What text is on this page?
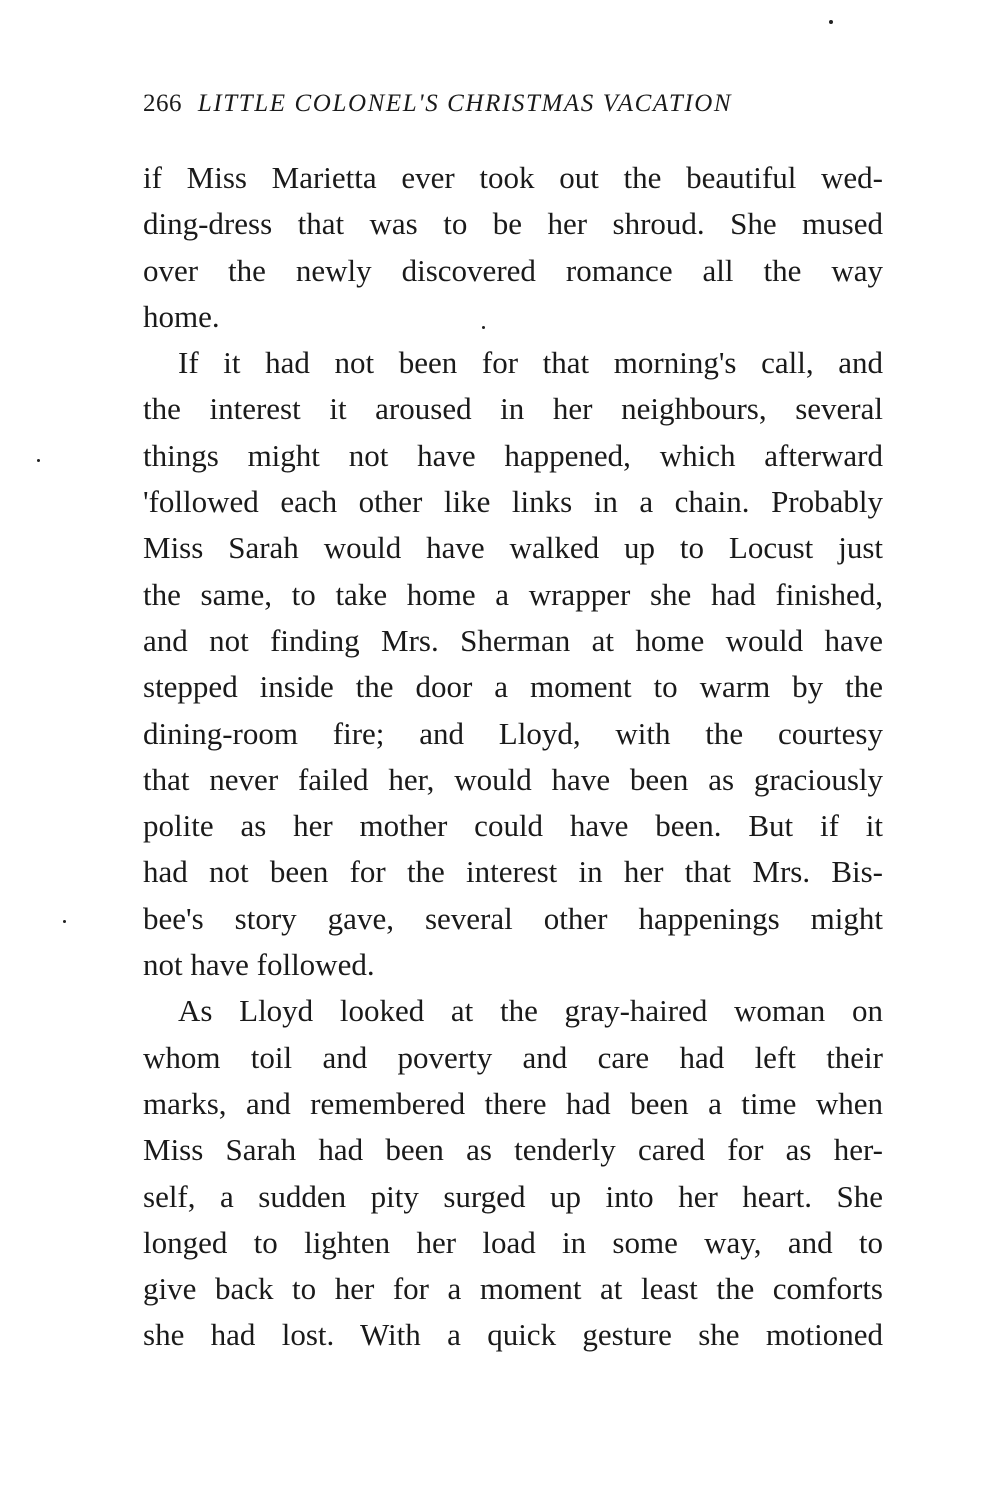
266 LITTLE COLONEL'S CHRISTMAS VACATION
if Miss Marietta ever took out the beautiful wed-
ding-dress that was to be her shroud. She mused
over the newly discovered romance all the way
home.
If it had not been for that morning's call, and
the interest it aroused in her neighbours, several
things might not have happened, which afterward
'followed each other like links in a chain. Probably
Miss Sarah would have walked up to Locust just
the same, to take home a wrapper she had finished,
and not finding Mrs. Sherman at home would have
stepped inside the door a moment to warm by the
dining-room fire; and Lloyd, with the courtesy
that never failed her, would have been as graciously
polite as her mother could have been. But if it
had not been for the interest in her that Mrs. Bis-
bee's story gave, several other happenings might
not have followed.
As Lloyd looked at the gray-haired woman on
whom toil and poverty and care had left their
marks, and remembered there had been a time when
Miss Sarah had been as tenderly cared for as her-
self, a sudden pity surged up into her heart. She
longed to lighten her load in some way, and to
give back to her for a moment at least the comforts
she had lost. With a quick gesture she motioned
